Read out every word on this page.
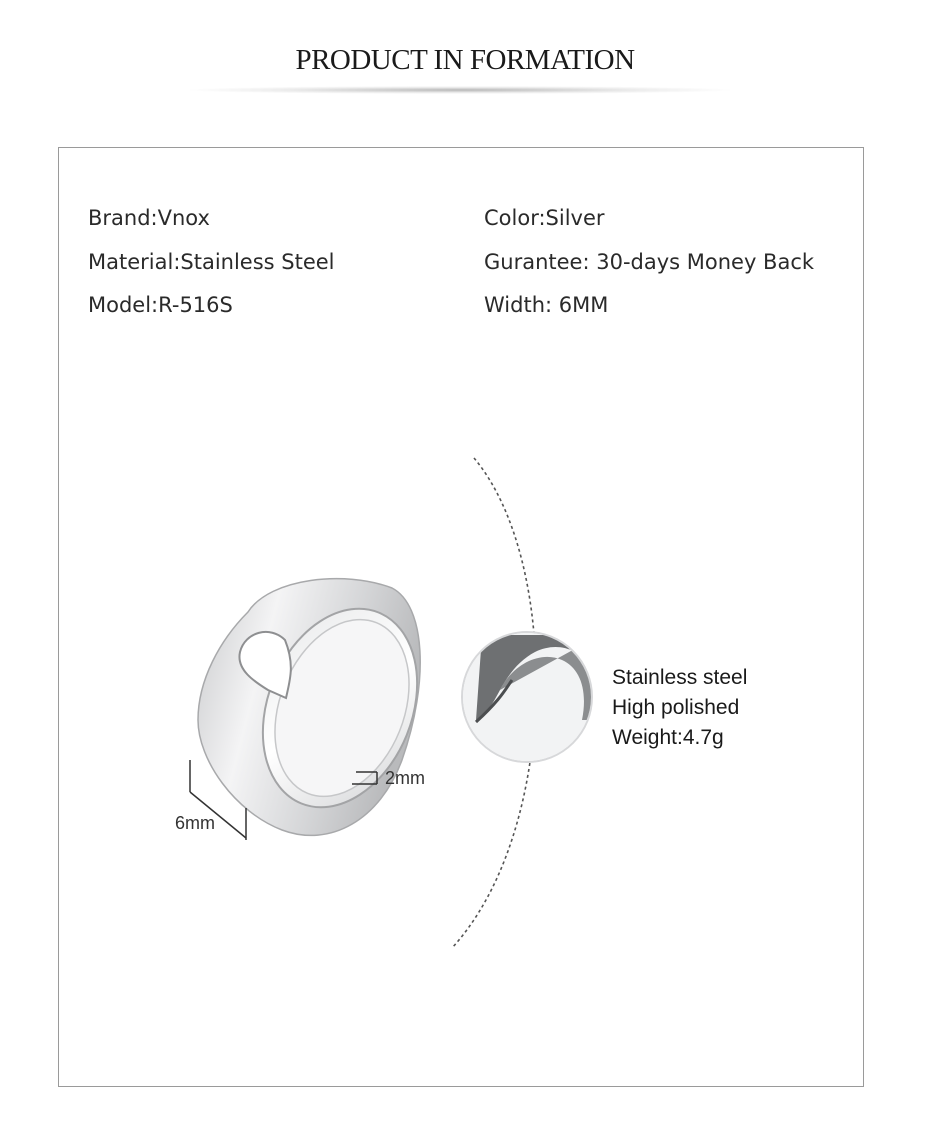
PRODUCT IN FORMATION
Brand:Vnox
Material:Stainless Steel
Model:R-516S
Color:Silver
Gurantee: 30-days Money Back
Width: 6MM
Stainless steel
High polished
Weight:4.7g
6mm
2mm
